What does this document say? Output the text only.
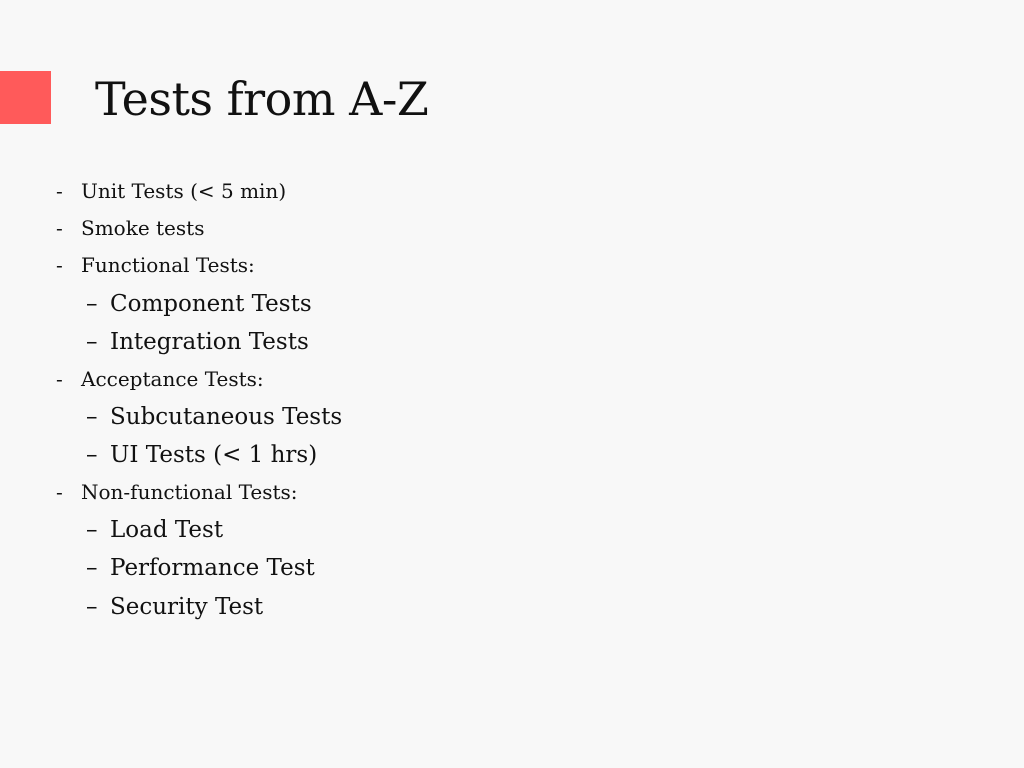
Tests from A-Z
- Unit Tests (< 5 min)
- Smoke tests
- Functional Tests:
– Component Tests
– Integration Tests
- Acceptance Tests:
– Subcutaneous Tests
– UI Tests (< 1 hrs)
- Non-functional Tests:
– Load Test
– Performance Test
– Security Test
